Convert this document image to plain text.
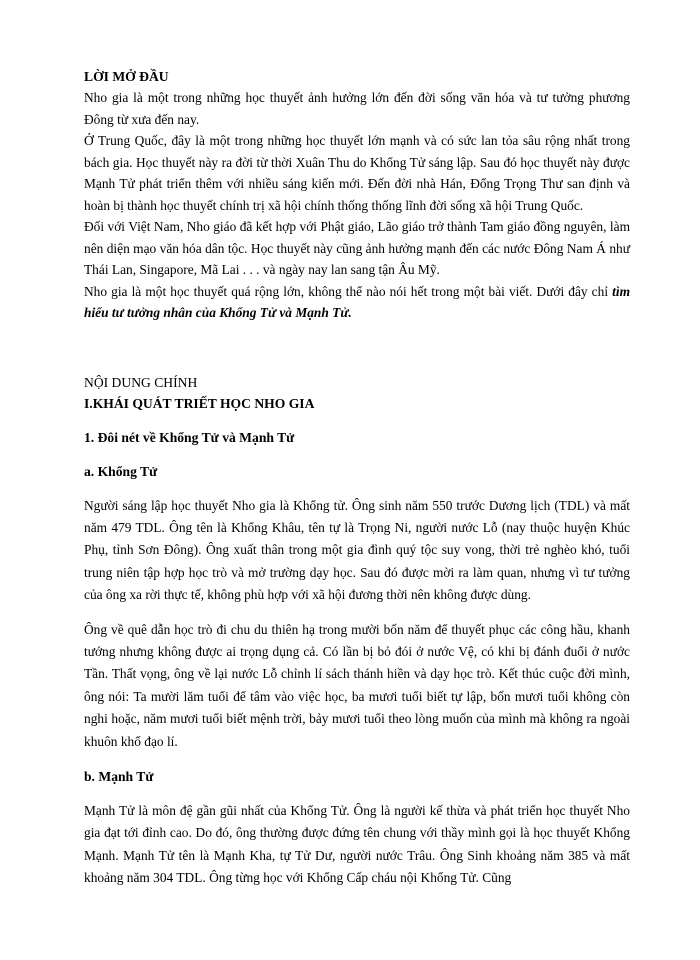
LỜI MỞ ĐẦU

Nho gia là một trong những học thuyết ảnh hưởng lớn đến đời sống văn hóa và tư tưởng phương Đông từ xưa đến nay.

Ở Trung Quốc, đây là một trong những học thuyết lớn mạnh và có sức lan tỏa sâu rộng nhất trong bách gia. Học thuyết này ra đời từ thời Xuân Thu do Khổng Tử sáng lập. Sau đó học thuyết này được Mạnh Tử phát triển thêm với nhiều sáng kiến mới. Đến đời nhà Hán, Đổng Trọng Thư san định và hoàn bị thành học thuyết chính trị xã hội chính thống thống lĩnh đời sống xã hội Trung Quốc.

Đối với Việt Nam, Nho giáo đã kết hợp với Phật giáo, Lão giáo trở thành Tam giáo đồng nguyên, làm nên diện mạo văn hóa dân tộc. Học thuyết này cũng ảnh hưởng mạnh đến các nước Đông Nam Á như Thái Lan, Singapore, Mã Lai . . . và ngày nay lan sang tận Âu Mỹ.

Nho gia là một học thuyết quá rộng lớn, không thể nào nói hết trong một bài viết. Dưới đây chỉ tìm hiểu tư tưởng nhân của Khổng Tử và Mạnh Tử.

NỘI DUNG CHÍNH

I.KHÁI QUÁT TRIẾT HỌC NHO GIA

1. Đôi nét về Khổng Tử và Mạnh Tử

a. Khổng Tử

Người sáng lập học thuyết Nho gia là Khổng tử. Ông sinh năm 550 trước Dương lịch (TDL) và mất năm 479 TDL. Ông tên là Khổng Khâu, tên tự là Trọng Ni, người nước Lỗ (nay thuộc huyện Khúc Phụ, tỉnh Sơn Đông). Ông xuất thân trong một gia đình quý tộc suy vong, thời trẻ nghèo khó, tuổi trung niên tập hợp học trò và mở trường dạy học. Sau đó được mời ra làm quan, nhưng vì tư tưởng của ông xa rời thực tế, không phù hợp với xã hội đương thời nên không được dùng.

Ông về quê dẫn học trò đi chu du thiên hạ trong mười bốn năm để thuyết phục các công hầu, khanh tướng nhưng không được ai trọng dụng cả. Có lần bị bỏ đói ở nước Vệ, có khi bị đánh đuổi ở nước Tần. Thất vọng, ông về lại nước Lỗ chỉnh lí sách thánh hiền và dạy học trò. Kết thúc cuộc đời mình, ông nói: Ta mười lăm tuổi để tâm vào việc học, ba mươi tuổi biết tự lập, bốn mươi tuổi không còn nghi hoặc, năm mươi tuổi biết mệnh trời, bảy mươi tuổi theo lòng muốn của mình mà không ra ngoài khuôn khổ đạo lí.

b. Mạnh Tử

Mạnh Tử là môn đệ gần gũi nhất của Khổng Tử. Ông là người kế thừa và phát triển học thuyết Nho gia đạt tới đỉnh cao. Do đó, ông thường được đứng tên chung với thầy mình gọi là học thuyết Khổng Mạnh. Mạnh Tử tên là Mạnh Kha, tự Tử Dư, người nước Trâu. Ông Sinh khoảng năm 385 và mất khoảng năm 304 TDL. Ông từng học với Khổng Cấp cháu nội Khổng Tử. Cũng
